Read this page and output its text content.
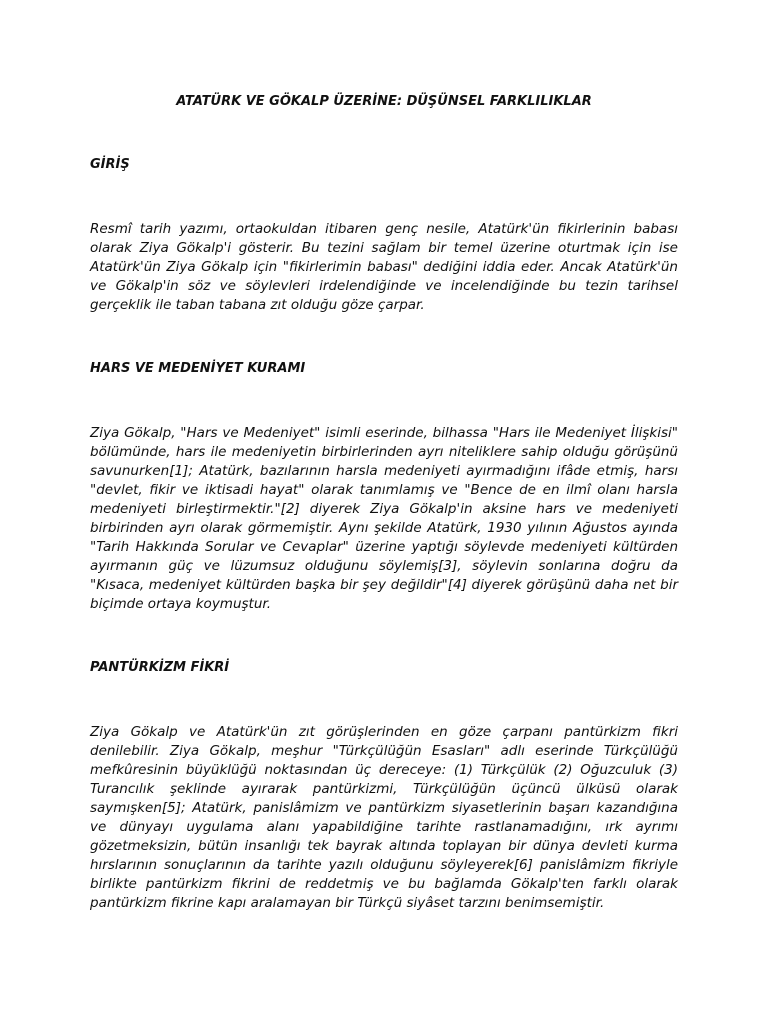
ATATÜRK VE GÖKALP ÜZERİNE: DÜŞÜNSEL FARKLILIKLAR
GİRİŞ

Resmî tarih yazımı, ortaokuldan itibaren genç nesile, Atatürk'ün fikirlerinin babası olarak Ziya Gökalp'i gösterir. Bu tezini sağlam bir temel üzerine oturtmak için ise Atatürk'ün Ziya Gökalp için "fikirlerimin babası" dediğini iddia eder. Ancak Atatürk'ün ve Gökalp'in söz ve söylevleri irdelendiğinde ve incelendiğinde bu tezin tarihsel gerçeklik ile taban tabana zıt olduğu göze çarpar.

HARS VE MEDENİYET KURAMI

Ziya Gökalp, "Hars ve Medeniyet" isimli eserinde, bilhassa "Hars ile Medeniyet İlişkisi" bölümünde, hars ile medeniyetin birbirlerinden ayrı niteliklere sahip olduğu görüşünü savunurken[1]; Atatürk, bazılarının harsla medeniyeti ayırmadığını ifâde etmiş, harsı "devlet, fikir ve iktisadi hayat" olarak tanımlamış ve "Bence de en ilmî olanı harsla medeniyeti birleştirmektir."[2] diyerek Ziya Gökalp'in aksine hars ve medeniyeti birbirinden ayrı olarak görmemiştir. Aynı şekilde Atatürk, 1930 yılının Ağustos ayında "Tarih Hakkında Sorular ve Cevaplar" üzerine yaptığı söylevde medeniyeti kültürden ayırmanın güç ve lüzumsuz olduğunu söylemiş[3], söylevin sonlarına doğru da "Kısaca, medeniyet kültürden başka bir şey değildir"[4] diyerek görüşünü daha net bir biçimde ortaya koymuştur.

PANTÜRKİZM FİKRİ

Ziya Gökalp ve Atatürk'ün zıt görüşlerinden en göze çarpanı pantürkizm fikri denilebilir. Ziya Gökalp, meşhur "Türkçülüğün Esasları" adlı eserinde Türkçülüğü mefkûresinin büyüklüğü noktasından üç dereceye: (1) Türkçülük (2) Oğuzculuk (3) Turancılık şeklinde ayırarak pantürkizmi, Türkçülüğün üçüncü ülküsü olarak saymışken[5]; Atatürk, panislâmizm ve pantürkizm siyasetlerinin başarı kazandığına ve dünyayı uygulama alanı yapabildiğine tarihte rastlanamadığını, ırk ayrımı gözetmeksizin, bütün insanlığı tek bayrak altında toplayan bir dünya devleti kurma hırslarının sonuçlarının da tarihte yazılı olduğunu söyleyerek[6] panislâmizm fikriyle birlikte pantürkizm fikrini de reddetmiş ve bu bağlamda Gökalp'ten farklı olarak pantürkizm fikrine kapı aralamayan bir Türkçü siyâset tarzını benimsemiştir.
